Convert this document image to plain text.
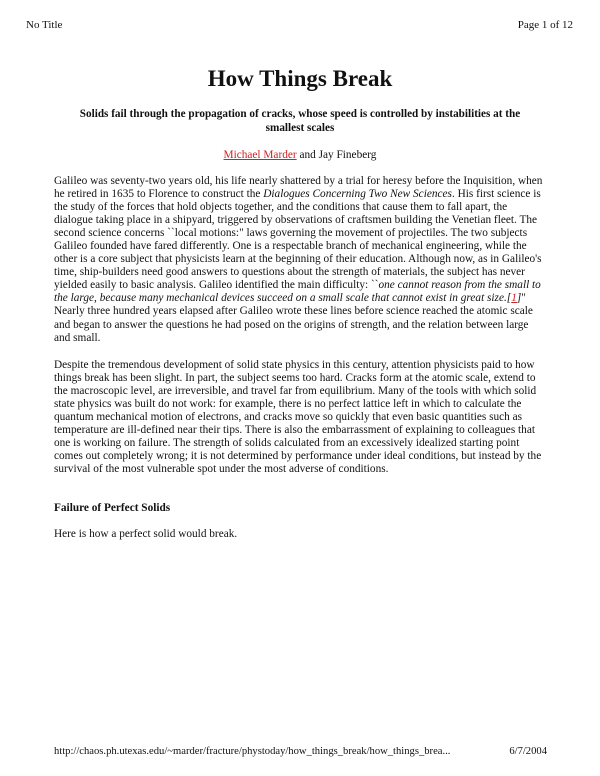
No Title	Page 1 of 12
How Things Break
Solids fail through the propagation of cracks, whose speed is controlled by instabilities at the smallest scales
Michael Marder and Jay Fineberg

Galileo was seventy-two years old, his life nearly shattered by a trial for heresy before the Inquisition, when he retired in 1635 to Florence to construct the Dialogues Concerning Two New Sciences. His first science is the study of the forces that hold objects together, and the conditions that cause them to fall apart, the dialogue taking place in a shipyard, triggered by observations of craftsmen building the Venetian fleet. The second science concerns ``local motions:" laws governing the movement of projectiles. The two subjects Galileo founded have fared differently. One is a respectable branch of mechanical engineering, while the other is a core subject that physicists learn at the beginning of their education. Although now, as in Galileo's time, ship-builders need good answers to questions about the strength of materials, the subject has never yielded easily to basic analysis. Galileo identified the main difficulty: ``one cannot reason from the small to the large, because many mechanical devices succeed on a small scale that cannot exist in great size.[1]" Nearly three hundred years elapsed after Galileo wrote these lines before science reached the atomic scale and began to answer the questions he had posed on the origins of strength, and the relation between large and small.

Despite the tremendous development of solid state physics in this century, attention physicists paid to how things break has been slight. In part, the subject seems too hard. Cracks form at the atomic scale, extend to the macroscopic level, are irreversible, and travel far from equilibrium. Many of the tools with which solid state physics was built do not work: for example, there is no perfect lattice left in which to calculate the quantum mechanical motion of electrons, and cracks move so quickly that even basic quantities such as temperature are ill-defined near their tips. There is also the embarrassment of explaining to colleagues that one is working on failure. The strength of solids calculated from an excessively idealized starting point comes out completely wrong; it is not determined by performance under ideal conditions, but instead by the survival of the most vulnerable spot under the most adverse of conditions.

Failure of Perfect Solids

Here is how a perfect solid would break.

http://chaos.ph.utexas.edu/~marder/fracture/phystoday/how_things_break/how_things_brea...	6/7/2004
